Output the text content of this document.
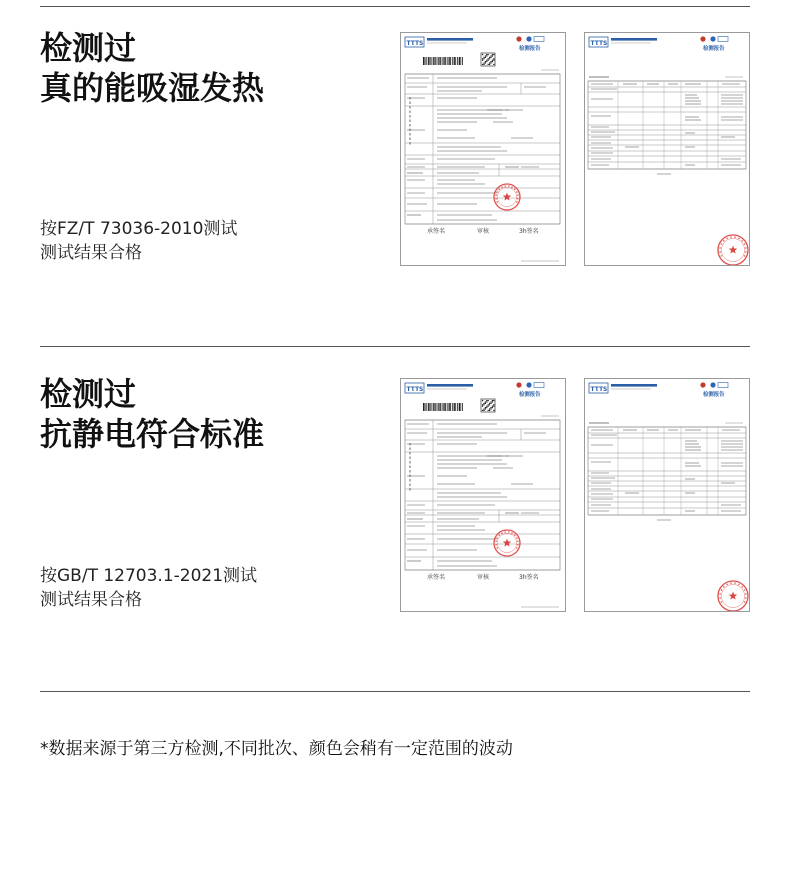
检测过
真的能吸湿发热

按FZ/T 73036-2010测试
测试结果合格

TTTS
检测报告
承签名	审核	3h签名
TTTS
检测报告
检测过
抗静电符合标准

按GB/T 12703.1-2021测试
测试结果合格

TTTS
检测报告
承签名	审核	3h签名
TTTS
检测报告
*数据来源于第三方检测,不同批次、颜色会稍有一定范围的波动
